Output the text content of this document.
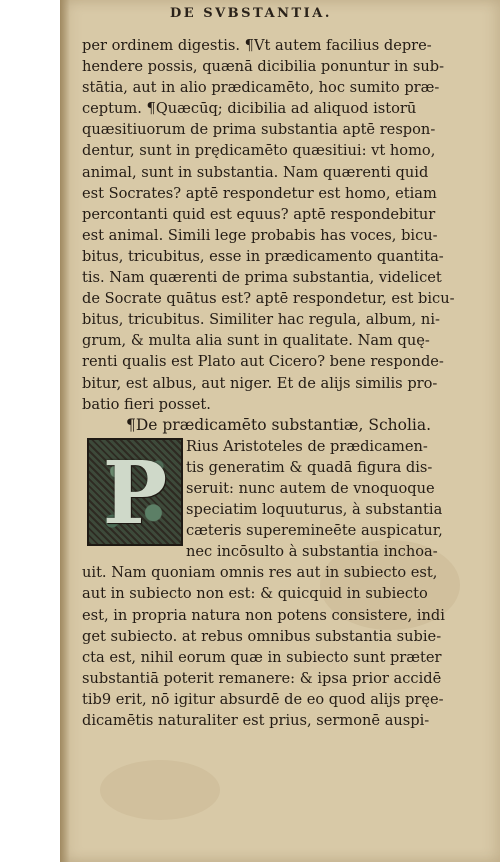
DE SVBSTANTIA.
per ordinem digestis. ¶Vt autem facilius depre-
hendere possis, quænā dicibilia ponuntur in sub-
stātia, aut in alio prædicamēto, hoc sumito præ-
ceptum. ¶Quæcūq; dicibilia ad aliquod istorū
quæsitiuorum de prima substantia aptē respon-
dentur, sunt in prędicamēto quæsitiui: vt homo,
animal, sunt in substantia. Nam quærenti quid
est Socrates? aptē respondetur est homo, etiam
percontanti quid est equus? aptē respondebitur
est animal. Simili lege probabis has voces, bicu-
bitus, tricubitus, esse in prædicamento quantita-
tis. Nam quærenti de prima substantia, videlicet
de Socrate quātus est? aptē respondetur, est bicu-
bitus, tricubitus. Similiter hac regula, album, ni-
grum, & multa alia sunt in qualitate. Nam quę-
renti qualis est Plato aut Cicero? bene responde-
bitur, est albus, aut niger. Et de alijs similis pro-
batio fieri posset.
¶De prædicamēto substantiæ, Scholia.
P	Rius Aristoteles de prædicamen-
tis generatim & quadā figura dis-
seruit: nunc autem de vnoquoque
speciatim loquuturus, à substantia
cæteris superemineēte auspicatur,
nec incōsulto à substantia inchoa-
uit. Nam quoniam omnis res aut in subiecto est,
aut in subiecto non est: & quicquid in subiecto
est, in propria natura non potens consistere, indi
get subiecto. at rebus omnibus substantia subie-
cta est, nihil eorum quæ in subiecto sunt præter
substantiā poterit remanere: & ipsa prior accidē
tib9 erit, nō igitur absurdē de eo quod alijs pręe-
dicamētis naturaliter est prius, sermonē auspi-
